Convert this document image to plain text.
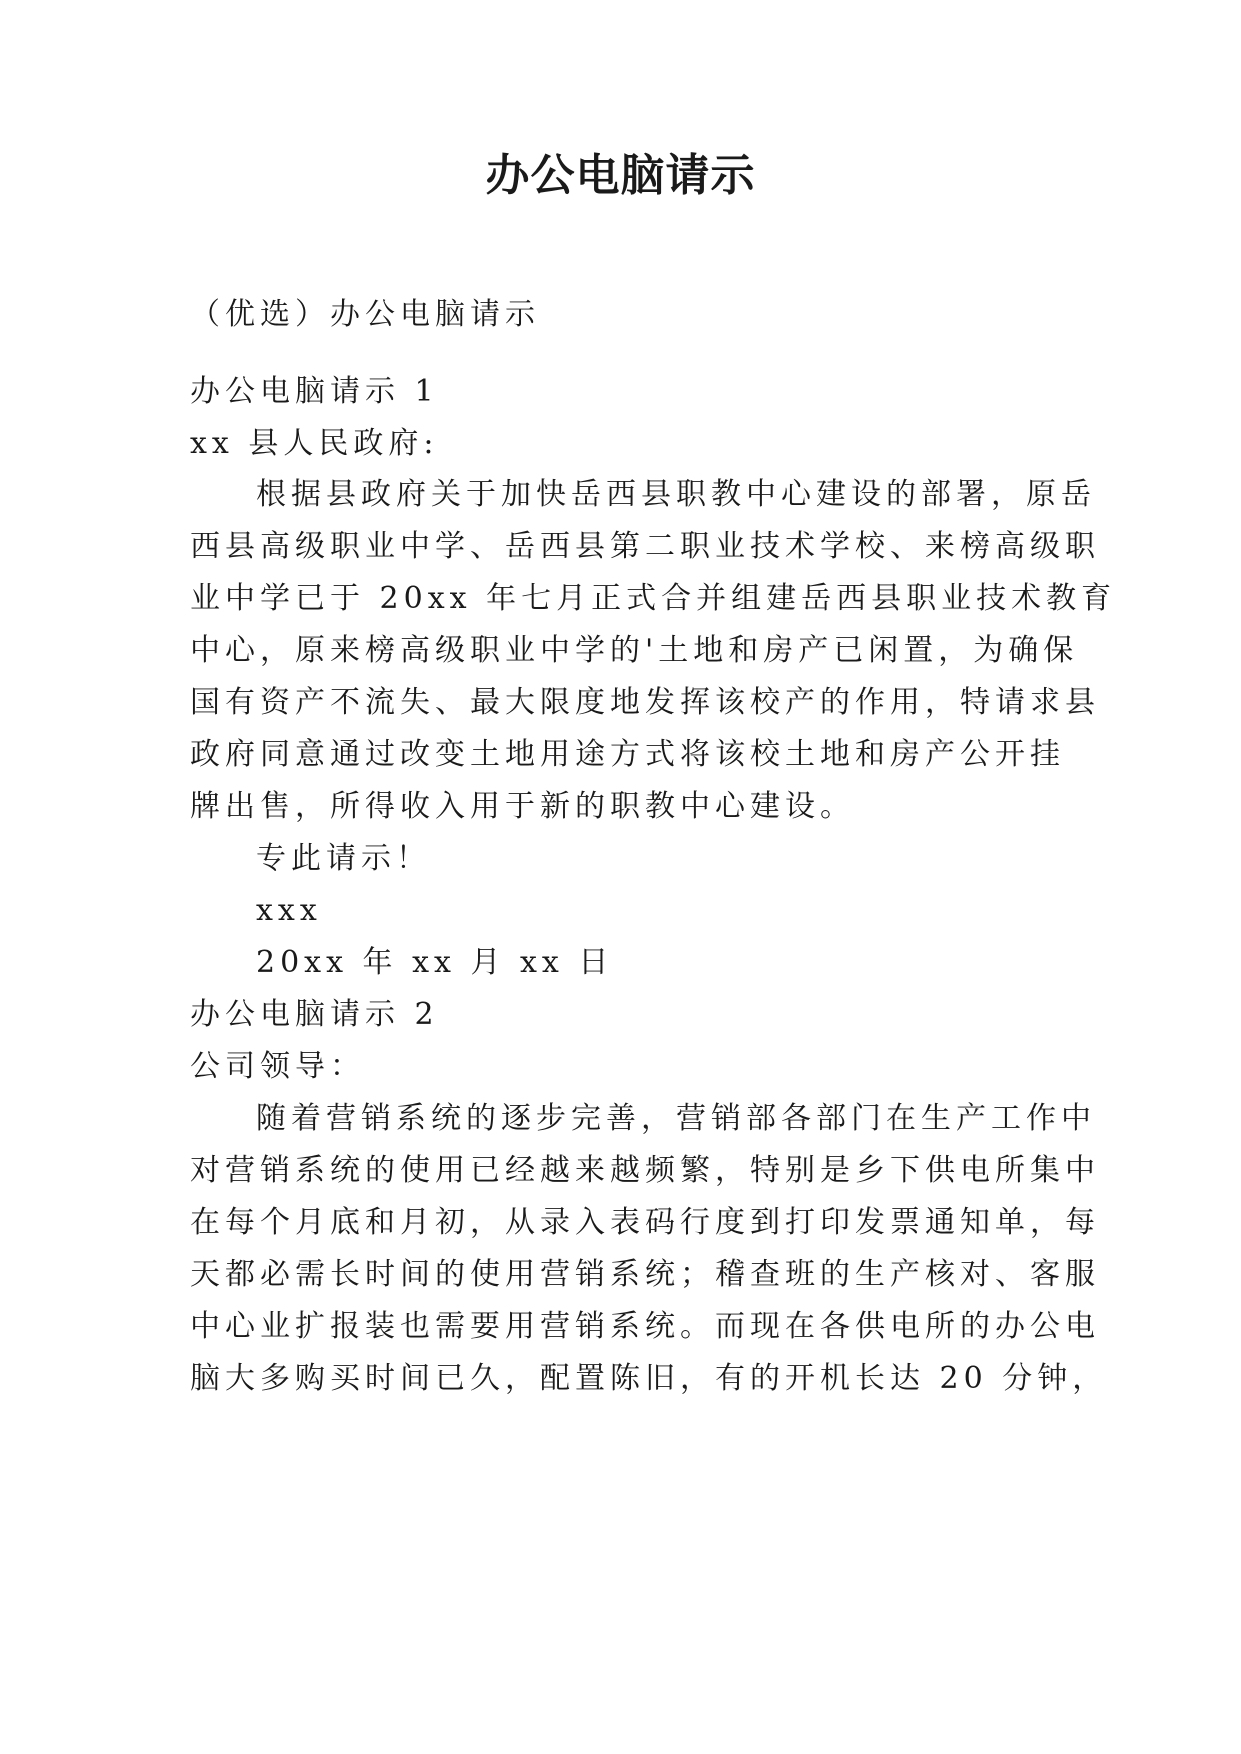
办公电脑请示
（优选）办公电脑请示
办公电脑请示 1
xx 县人民政府:
根据县政府关于加快岳西县职教中心建设的部署，原岳
西县高级职业中学、岳西县第二职业技术学校、来榜高级职
业中学已于 20xx 年七月正式合并组建岳西县职业技术教育
中心，原来榜高级职业中学的'土地和房产已闲置，为确保
国有资产不流失、最大限度地发挥该校产的作用，特请求县
政府同意通过改变土地用途方式将该校土地和房产公开挂
牌出售，所得收入用于新的职教中心建设。
专此请示！
xxx
20xx 年 xx 月 xx 日
办公电脑请示 2
公司领导：
随着营销系统的逐步完善，营销部各部门在生产工作中
对营销系统的使用已经越来越频繁，特别是乡下供电所集中
在每个月底和月初，从录入表码行度到打印发票通知单，每
天都必需长时间的使用营销系统；稽查班的生产核对、客服
中心业扩报装也需要用营销系统。而现在各供电所的办公电
脑大多购买时间已久，配置陈旧，有的开机长达 20 分钟，
